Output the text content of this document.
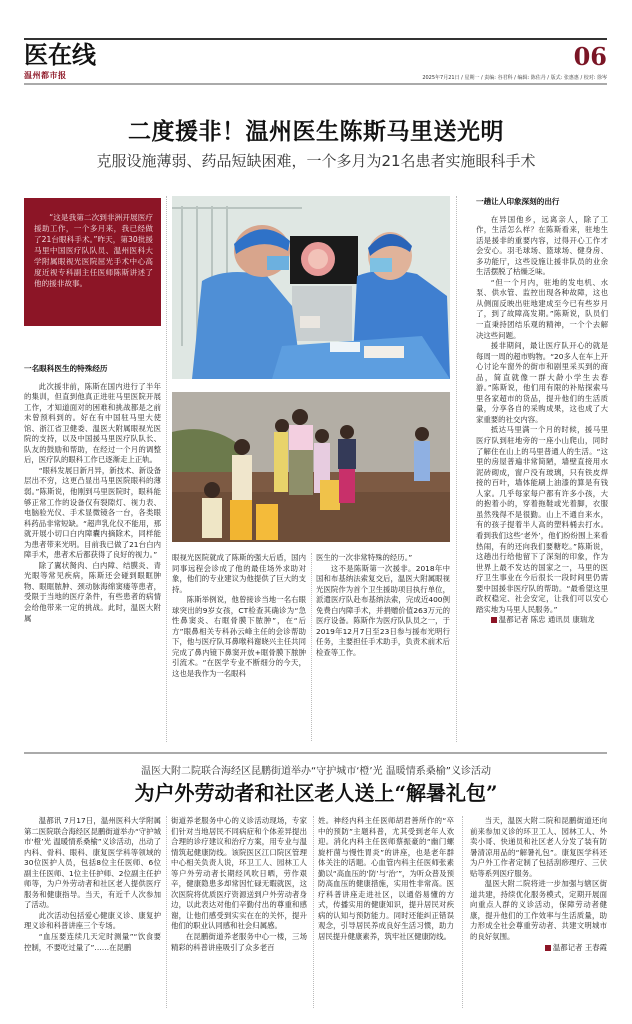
医在线
温州都市报
06
2025年7月21日 / 星期一 / 责编: 谷君科 / 编辑: 陈佐丹 / 版式: 张惠惠 / 校对: 徐岑
二度援非！温州医生陈斯马里送光明
克服设施薄弱、药品短缺困难，一个多月为21名患者实施眼科手术

“这是我第二次到非洲开展医疗援助工作，一个多月来，我已经做了21台眼科手术。”昨天，第30批援马里中国医疗队队员、温州医科大学附属眼视光医院屈光手术中心高度近视专科副主任医师陈斯讲述了他的援非故事。

一名眼科医生的特殊经历

此次援非前，陈斯在国内进行了半年的集训，但直到他真正进驻马里医院开展工作，才知道面对的困难和挑战都是之前未曾预料到的。好在有中国驻马里大使馆、浙江省卫健委、温医大附属眼视光医院的支持，以及中国援马里医疗队队长、队友的鼓励和帮助，在经过一个月的调整后，医疗队的眼科工作已逐渐走上正轨。

“眼科发展日新月异，新技术、新设备层出不穷，这更凸显出马里医院眼科的薄弱。”陈斯说，他刚到马里医院时，眼科能够正常工作的设备仅有裂隙灯、视力表、电脑验光仪、手术显微镜各一台，各类眼科药品非常短缺。“超声乳化仪不能用，那就开展小切口白内障囊内摘除术，同样能为患者带来光明。目前我已做了21台白内障手术，患者术后都获得了良好的视力。”

除了翼状胬肉、白内障、结膜炎、青光眼等常见疾病，陈斯还会碰到眼眶肿物、眼眶脓肿、颈动脉海绵窦瘘等患者，受限于当地的医疗条件，有些患者的病情会给他带来一定的挑战。此时，温医大附属

眼视光医院就成了陈斯的强大后盾，国内同事远程会诊成了他的最佳场外求助对象，他们的专业建议为他提供了巨大的支持。

陈斯举例说，他曾接诊当地一名右眼球突出的9岁女孩，CT检查其确诊为“急性鼻窦炎、右眶骨膜下脓肿”，在“后方”眼鼻相关专科孙云峰主任的会诊帮助下，他与医疗队耳鼻喉科谢晓兴主任共同完成了鼻内镜下鼻窦开放+眶骨膜下脓肿引流术。“在医学专业不断细分的今天，这也是我作为一名眼科

医生的一次非常特殊的经历。”

这不是陈斯第一次援非。2018年中国和布基纳法索复交后，温医大附属眼视光医院作为首个卫生援助项目执行单位，派遣医疗队赴布基纳法索，完成近400例免费白内障手术，并捐赠价值263万元的医疗设备。陈斯作为医疗队队员之一，于2019年12月7日至23日参与援布光明行任务，主要担任手术助手，负责术前术后检查等工作。

一趟让人印象深刻的出行

在异国他乡，远离亲人，除了工作，生活怎么样？在陈斯看来，驻地生活是援非的重要内容，过得开心工作才会安心。羽毛球场、篮球场、健身房、多功能厅，这些设施让援非队员的业余生活摆脱了枯燥乏味。

“但一个月内，驻地的发电机、水泵、供水管、监控出现各种故障，这也从侧面反映出驻地建成至今已有些岁月了，到了故障高发期。”陈斯说，队员们一直秉持团结乐观的精神，一个个去解决这些问题。

援非期间，最让医疗队开心的就是每周一周的超市购物。“20多人在车上开心讨论车窗外的街市和剧里采买到的商品，简直就像一群大龄小学生去春游。”陈斯说，他们用有限的补贴探索马里各家超市的货品，提升他们的生活质量，分享各自的采购成果，这也成了大家重要的社交内容。

抵达马里满一个月的时候，援马里医疗队到驻地旁的一座小山爬山，同时了解住在山上的马里普通人的生活。“这里的房屋普遍非常简陋，墙壁直接用水泥砖砌成，窗户没有玻璃，只有铁皮焊接的百叶，墙体能刷上油漆的算是有钱人家。几乎每家每户都有许多小孩，大的抱着小的，穿着拖鞋或光着脚，衣服虽然残得不是很勤。山上不通自来水，有的孩子提着半人高的塑料桶去打水。看到我们这些‘老外’，他们纷纷围上来看热闹，有的还向我们要糖吃。”陈斯说，这趟出行给他留下了深刻的印象，作为世界上最不发达的国家之一，马里的医疗卫生事业在今后很长一段时间里仍需要中国援非医疗队的帮助。“最希望这里政权稳定、社会安定，让我们可以安心踏实地为马里人民服务。”

温都记者 陈忠 通讯员 康瑞龙

温医大附二院联合海经区昆鹏街道举办“守护城市‘橙’光 温暖情系桑榆”义诊活动
为户外劳动者和社区老人送上“解暑礼包”

温都讯 7月17日，温州医科大学附属第二医院联合海经区昆鹏街道举办“守护城市‘橙’光 温暖情系桑榆”义诊活动，出动了内科、骨科、眼科、康复医学科等领域的30位医护人员，包括8位主任医师、6位副主任医师、1位主任护师、2位副主任护师等，为户外劳动者和社区老人提供医疗服务和健康指导。当天，有近千人次参加了活动。

此次活动包括爱心健康义诊、康复护理义诊和科普讲座三个专场。

“血压要连续几天定时测量”“饮食要控制，不要吃过量了”……在昆鹏

街道养老服务中心的义诊活动现场，专家们针对当地居民不同病症和个体差异提出合理的诊疗建议和治疗方案，用专业与温情筑起健康防线。该院医区江口院区管理中心相关负责人说，环卫工人、园林工人等户外劳动者长期经风吹日晒，劳作艰辛，健康隐患多却常因忙碌无暇就医，这次医院将优质医疗资源送到户外劳动者身边，以此表达对他们辛勤付出的尊重和感谢，让他们感受到实实在在的关怀，提升他们的职业认同感和社会归属感。

在昆鹏街道养老服务中心一楼，三场精彩的科普讲座吸引了众多老百

姓。神经内科主任医师胡君善所作的“卒中的预防”主题科普，尤其受到老年人欢迎。消化内科主任医师蔡振豪的“幽门螺旋杆菌与慢性胃炎”的讲座，也是老年群体关注的话题。心血管内科主任医师张素勤以“高血压的‘防’与‘治’”，为听众普及预防高血压的健康措施，实用性非常高。医疗科普讲座走进社区，以通俗易懂的方式，传播实用的健康知识，提升居民对疾病的认知与预防能力。同时还能纠正错误观念，引导居民养成良好生活习惯，助力居民提升健康素养，筑牢社区健康防线。

当天，温医大附二院和昆鹏街道还向前来参加义诊的环卫工人、园林工人、外卖小哥、快递员和社区老人分发了装有防暑清凉用品的“解暑礼包”。康复医学科还为户外工作者定制了包括刮痧理疗、三伏贴等系列医疗服务。

温医大附二院将进一步加强与辖区街道共建，持续优化服务模式，定期开展面向重点人群的义诊活动，保障劳动者健康，提升他们的工作效率与生活质量，助力形成全社会尊重劳动者、共建文明城市的良好氛围。

温都记者 王春霞
